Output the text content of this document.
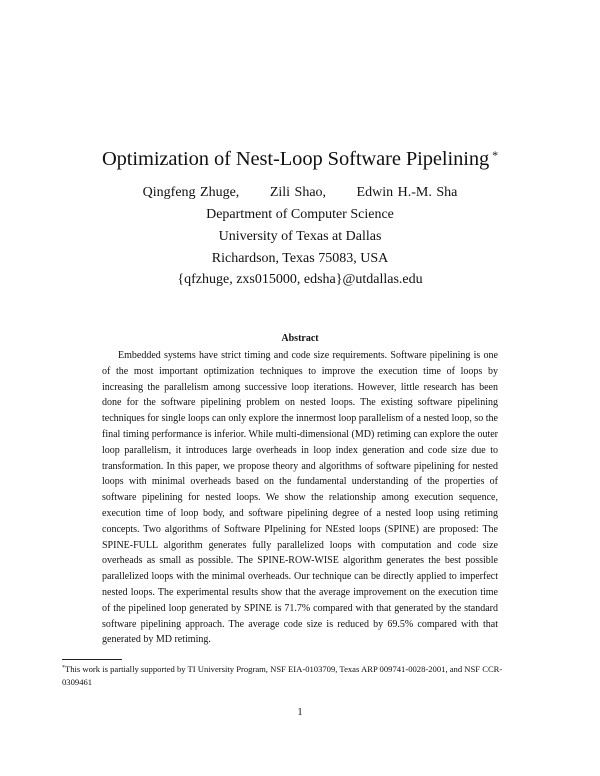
Optimization of Nest-Loop Software Pipelining *
Qingfeng Zhuge, Zili Shao, Edwin H.-M. Sha
Department of Computer Science
University of Texas at Dallas
Richardson, Texas 75083, USA
{qfzhuge, zxs015000, edsha}@utdallas.edu
Abstract

Embedded systems have strict timing and code size requirements. Software pipelining is one of the most important optimization techniques to improve the execution time of loops by increasing the parallelism among successive loop iterations. However, little research has been done for the software pipelining problem on nested loops. The existing software pipelining techniques for single loops can only explore the innermost loop parallelism of a nested loop, so the final timing performance is inferior. While multi-dimensional (MD) retiming can explore the outer loop parallelism, it introduces large overheads in loop index generation and code size due to transformation. In this paper, we propose theory and algorithms of software pipelining for nested loops with minimal overheads based on the fundamental understanding of the properties of software pipelining for nested loops. We show the relationship among execution sequence, execution time of loop body, and software pipelining degree of a nested loop using retiming concepts. Two algorithms of Software PIpelining for NEsted loops (SPINE) are proposed: The SPINE-FULL algorithm generates fully parallelized loops with computation and code size overheads as small as possible. The SPINE-ROW-WISE algorithm generates the best possible parallelized loops with the minimal overheads. Our technique can be directly applied to imperfect nested loops. The experimental results show that the average improvement on the execution time of the pipelined loop generated by SPINE is 71.7% compared with that generated by the standard software pipelining approach. The average code size is reduced by 69.5% compared with that generated by MD retiming.

*This work is partially supported by TI University Program, NSF EIA-0103709, Texas ARP 009741-0028-2001, and NSF CCR-0309461

1
